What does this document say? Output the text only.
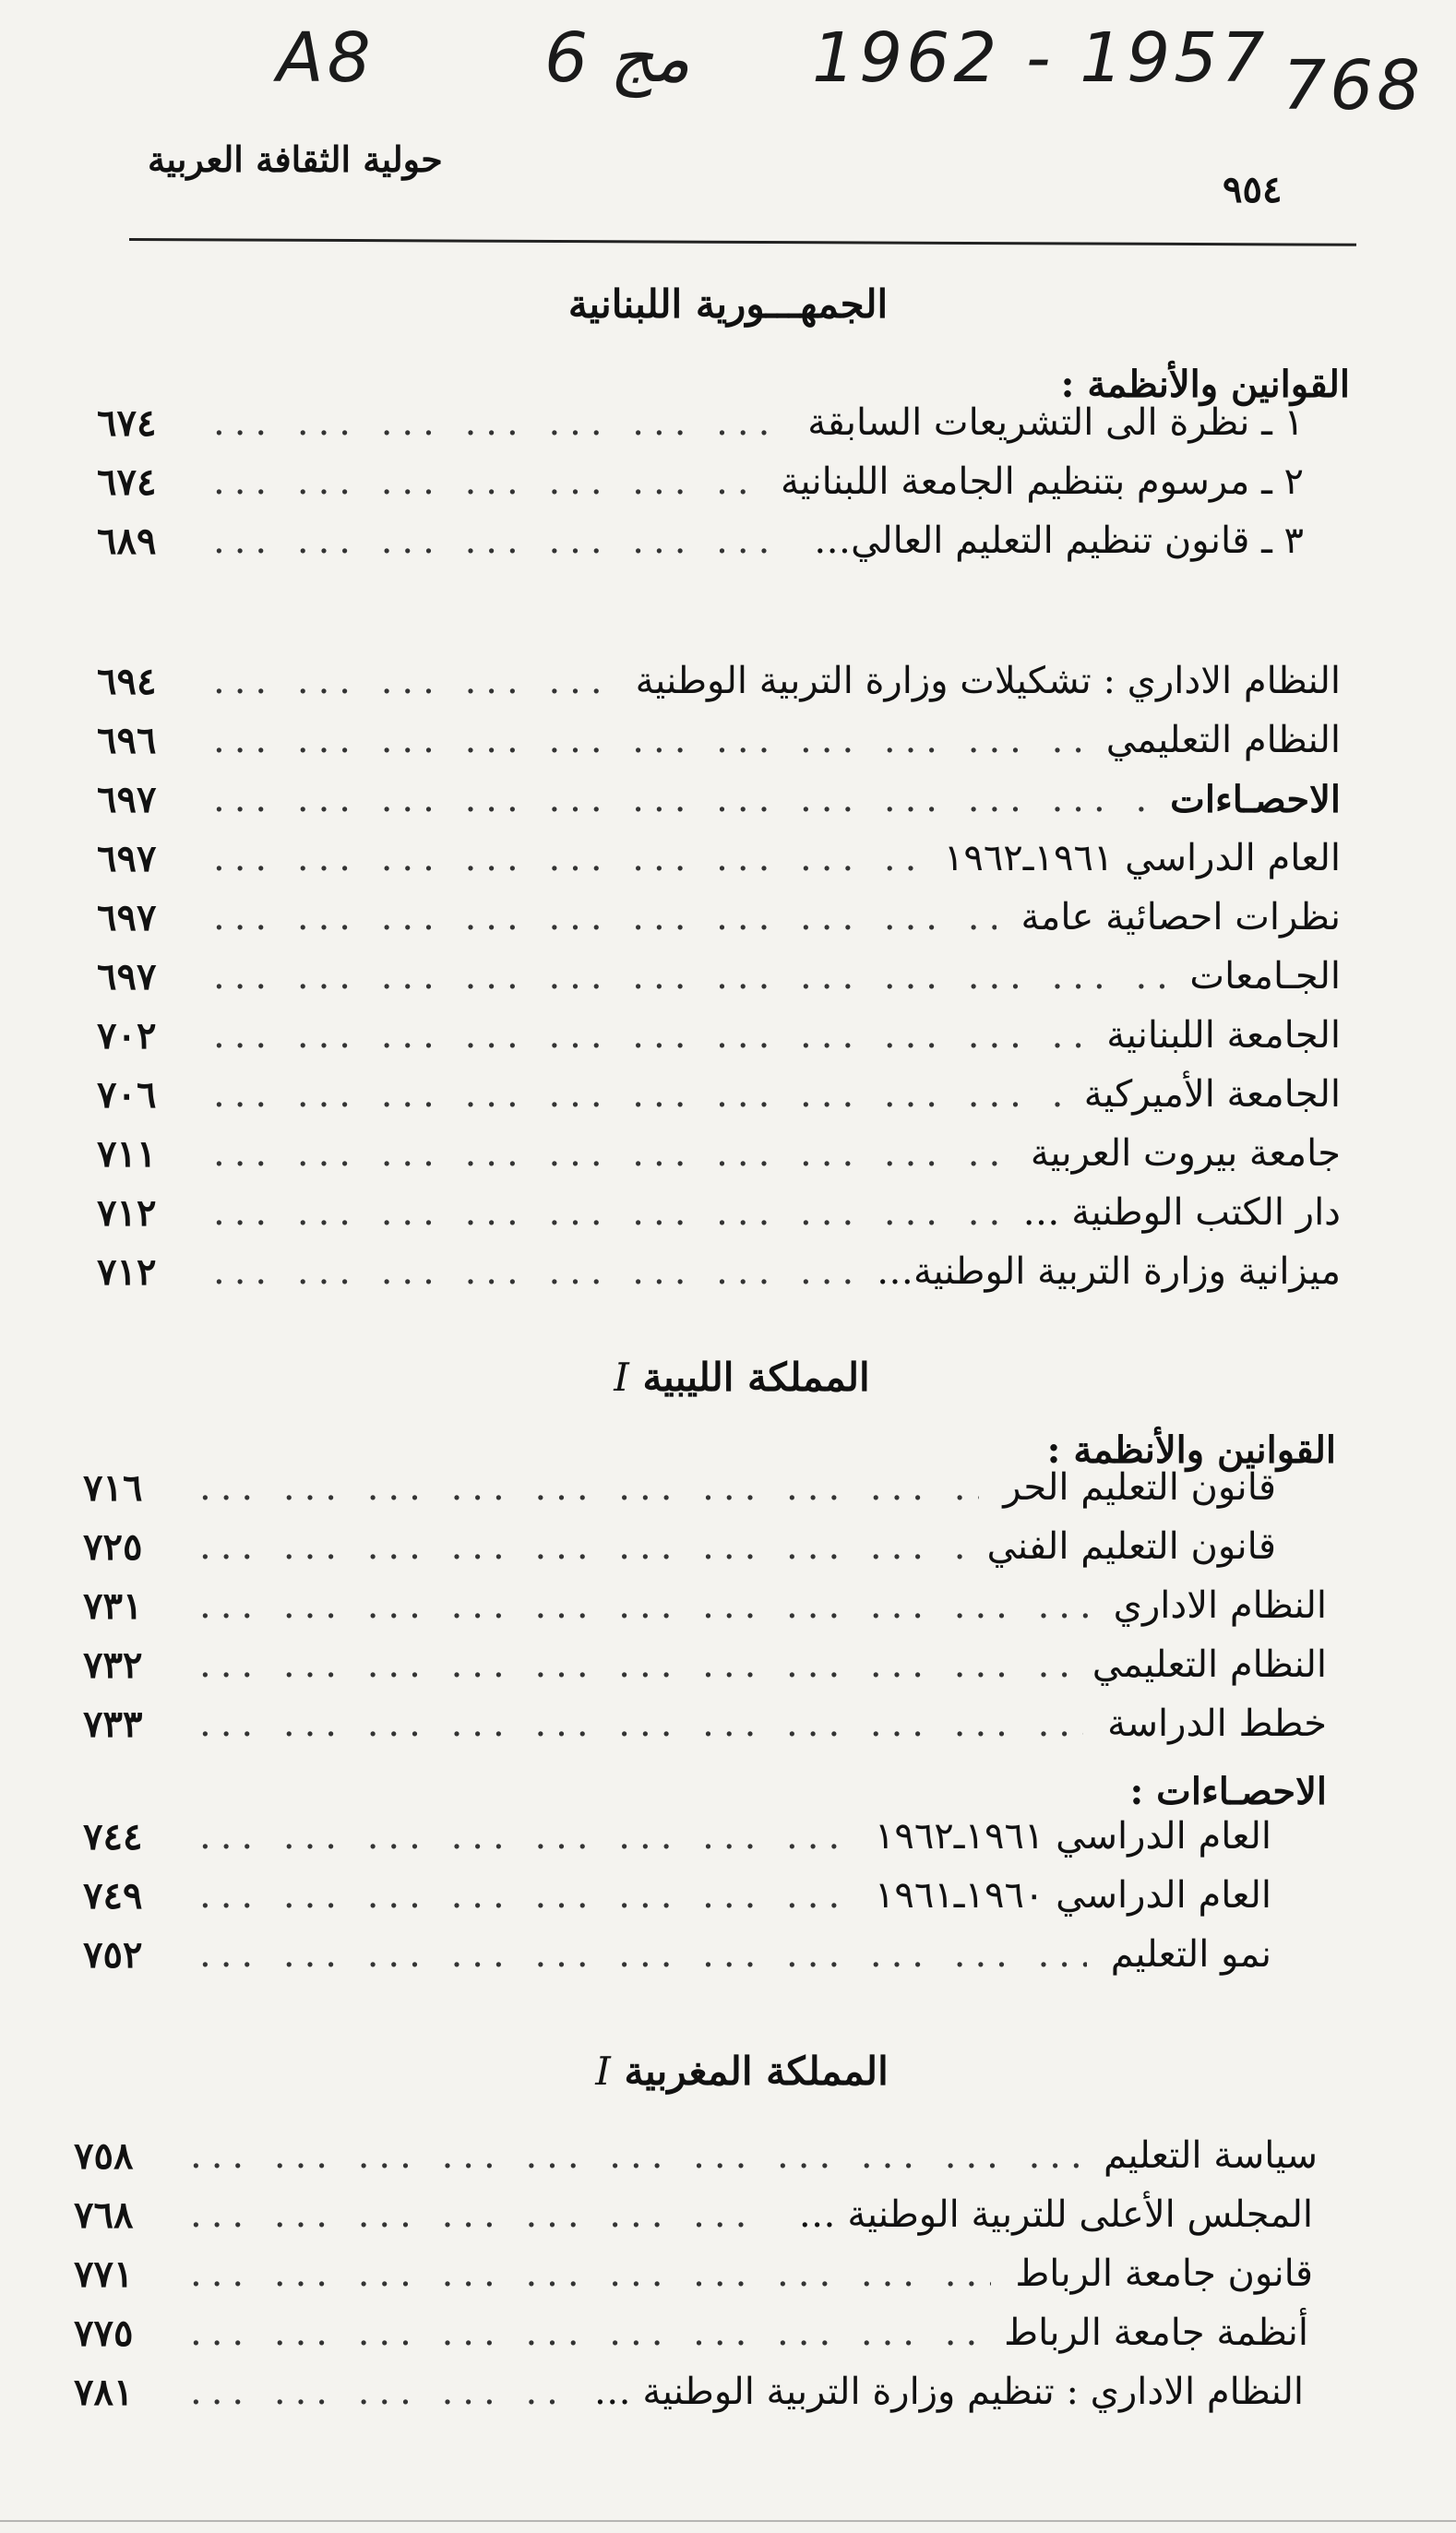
A8 6 مج 1962 - 1957 768
حولية الثقافة العربية
٩٥٤
الجمهـــورية اللبنانية
القوانين والأنظمة :
١ ـ نظرة الى التشريعات السابقة
... .
٦٧٤
٢ ـ مرسوم بتنظيم الجامعة اللبنانية
... .
٦٧٤
٣ ـ قانون تنظيم التعليم العالي…
... .
٦٨٩
النظام الاداري : تشكيلات وزارة التربية الوطنية
... .
٦٩٤
النظام التعليمي
... .
٦٩٦
الاحصـاءات
... .
٦٩٧
العام الدراسي ١٩٦١ـ١٩٦٢
... .
٦٩٧
نظرات احصائية عامة
... .
٦٩٧
الجـامعات
... .
٦٩٧
الجامعة اللبنانية
... .
٧٠٢
الجامعة الأميركية
... .
٧٠٦
جامعة بيروت العربية
... .
٧١١
دار الكتب الوطنية …
... .
٧١٢
ميزانية وزارة التربية الوطنية…
... .
٧١٢
المملكة الليبية I
القوانين والأنظمة :
قانون التعليم الحر
... .
٧١٦
قانون التعليم الفني
... .
٧٢٥
النظام الاداري
... .
٧٣١
النظام التعليمي
... .
٧٣٢
خطط الدراسة
... .
٧٣٣
الاحصـاءات :
العام الدراسي ١٩٦١ـ١٩٦٢
... .
٧٤٤
العام الدراسي ١٩٦٠ـ١٩٦١
... .
٧٤٩
نمو التعليم
... .
٧٥٢
المملكة المغربية I
سياسة التعليم
... .
٧٥٨
المجلس الأعلى للتربية الوطنية …
... .
٧٦٨
قانون جامعة الرباط
... .
٧٧١
أنظمة جامعة الرباط
... .
٧٧٥
النظام الاداري : تنظيم وزارة التربية الوطنية …
... .
٧٨١
